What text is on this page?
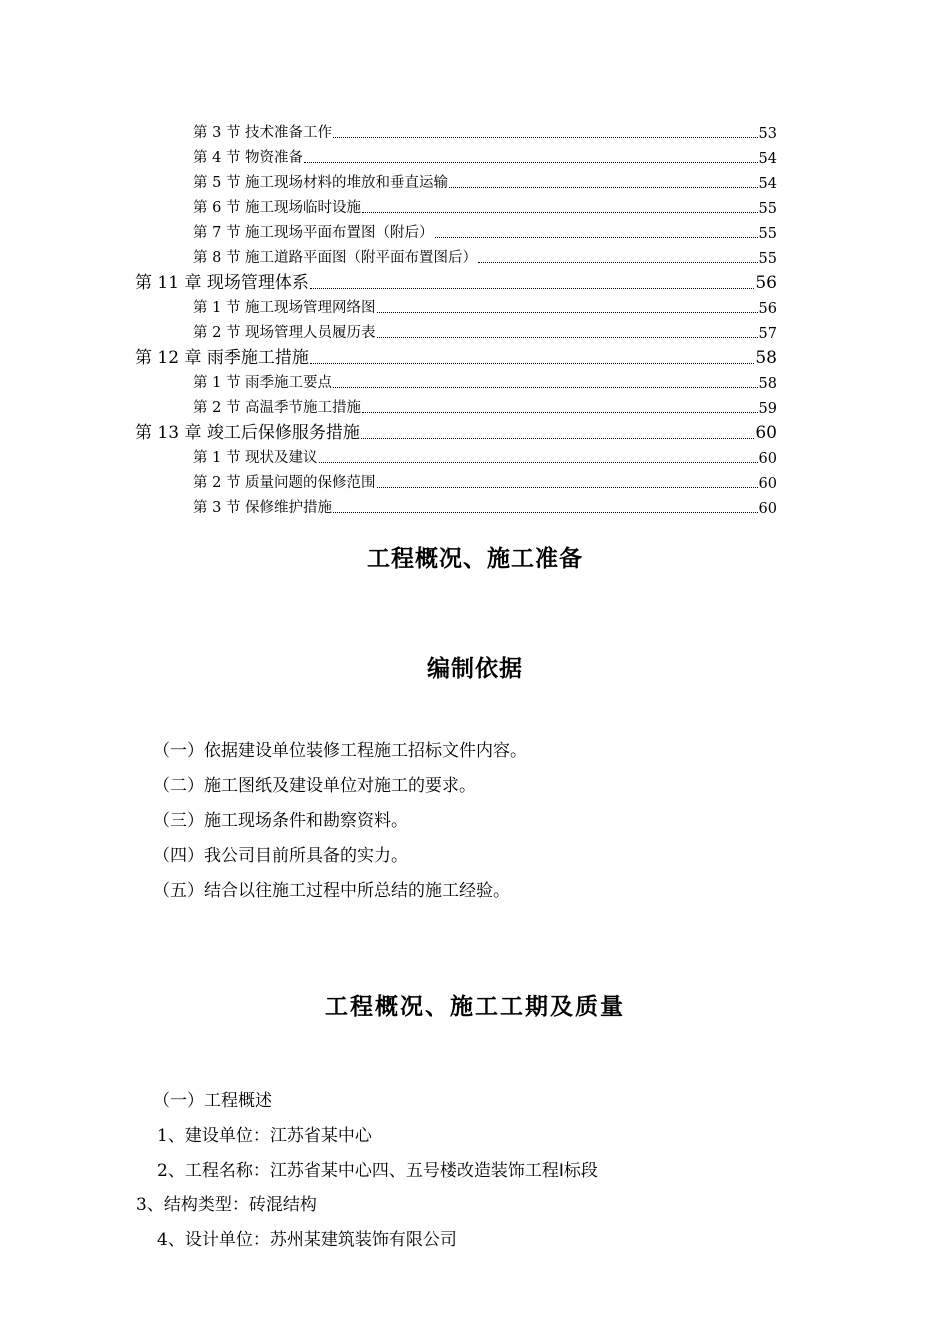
第 3 节 技术准备工作	53
第 4 节 物资准备	54
第 5 节 施工现场材料的堆放和垂直运输	54
第 6 节 施工现场临时设施	55
第 7 节 施工现场平面布置图（附后）	55
第 8 节 施工道路平面图（附平面布置图后）	55
第 11 章 现场管理体系	56
第 1 节 施工现场管理网络图	56
第 2 节 现场管理人员履历表	57
第 12 章 雨季施工措施	58
第 1 节 雨季施工要点	58
第 2 节 高温季节施工措施	59
第 13 章 竣工后保修服务措施	60
第 1 节 现状及建议	60
第 2 节 质量问题的保修范围	60
第 3 节 保修维护措施	60
工程概况、施工准备
编制依据
（一）依据建设单位装修工程施工招标文件内容。
（二）施工图纸及建设单位对施工的要求。
（三）施工现场条件和勘察资料。
（四）我公司目前所具备的实力。
（五）结合以往施工过程中所总结的施工经验。
工程概况、施工工期及质量
（一）工程概述
1、建设单位：江苏省某中心
2、工程名称：江苏省某中心四、五号楼改造装饰工程I标段
3、结构类型：砖混结构
4、设计单位：苏州某建筑装饰有限公司
